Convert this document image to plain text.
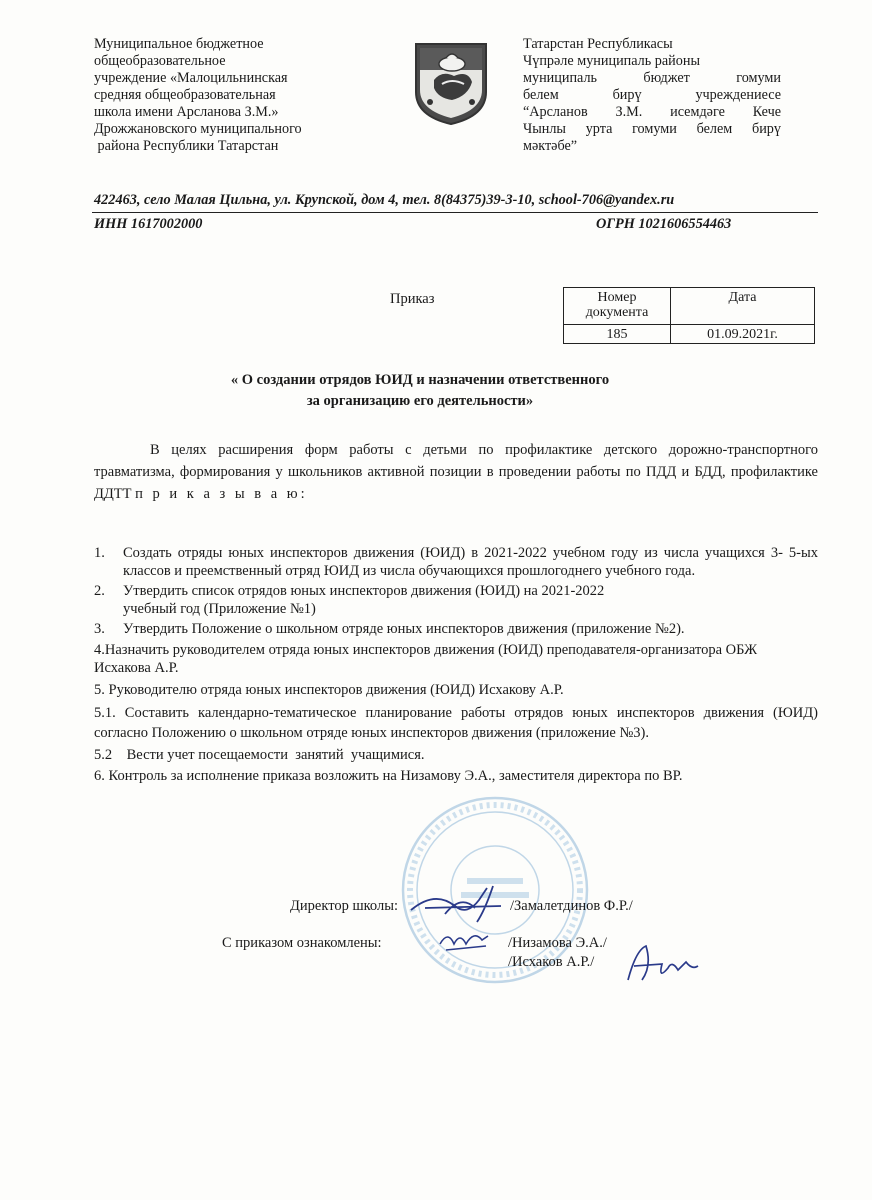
Муниципальное бюджетное
общеобразовательное
учреждение «Малоцильнинская
средняя общеобразовательная
школа имени Арсланова З.М.»
Дрожжановского муниципального
района Республики Татарстан
Татарстан Республикасы
Чүпрәле муниципаль районы
муниципаль бюджет гомуми
белем бирү учреждениесе
“Арсланов З.М. исемдәге Кече
Чынлы урта гомуми белем бирү
мәктәбе”
422463, село Малая Цильна, ул. Крупской, дом 4, тел. 8(84375)39-3-10, school-706@yandex.ru
ИНН 1617002000	ОГРН 1021606554463
Приказ	Номер документа	Дата
185	01.09.2021г.
« О создании отрядов ЮИД и назначении ответственного
за организацию его деятельности»
В целях расширения форм работы с детьми по профилактике детского дорожно-транспортного травматизма, формирования у школьников активной позиции в проведении работы по ПДД и БДД, профилактике ДДТТ п р и к а з ы в а ю:
1.	Создать отряды юных инспекторов движения (ЮИД) в 2021-2022 учебном году из числа учащихся 3- 5-ых классов и преемственный отряд ЮИД из числа обучающихся прошлогоднего учебного года.
2.	Утвердить список отрядов юных инспекторов движения (ЮИД) на 2021-2022 учебный год (Приложение №1)
3.	Утвердить Положение о школьном отряде юных инспекторов движения (приложение №2).
4.Назначить руководителем отряда юных инспекторов движения (ЮИД) преподавателя-организатора ОБЖ Исхакова А.Р.
5. Руководителю отряда юных инспекторов движения (ЮИД) Исхакову А.Р.
5.1. Составить календарно-тематическое планирование работы отрядов юных инспекторов движения (ЮИД) согласно Положению о школьном отряде юных инспекторов движения (приложение №3).
5.2    Вести учет посещаемости  занятий  учащимися.
6. Контроль за исполнение приказа возложить на Низамову Э.А., заместителя директора по ВР.
Директор школы:	/Замалетдинов Ф.Р./
С приказом ознакомлены:	/Низамова Э.А./
/Исхаков А.Р./
